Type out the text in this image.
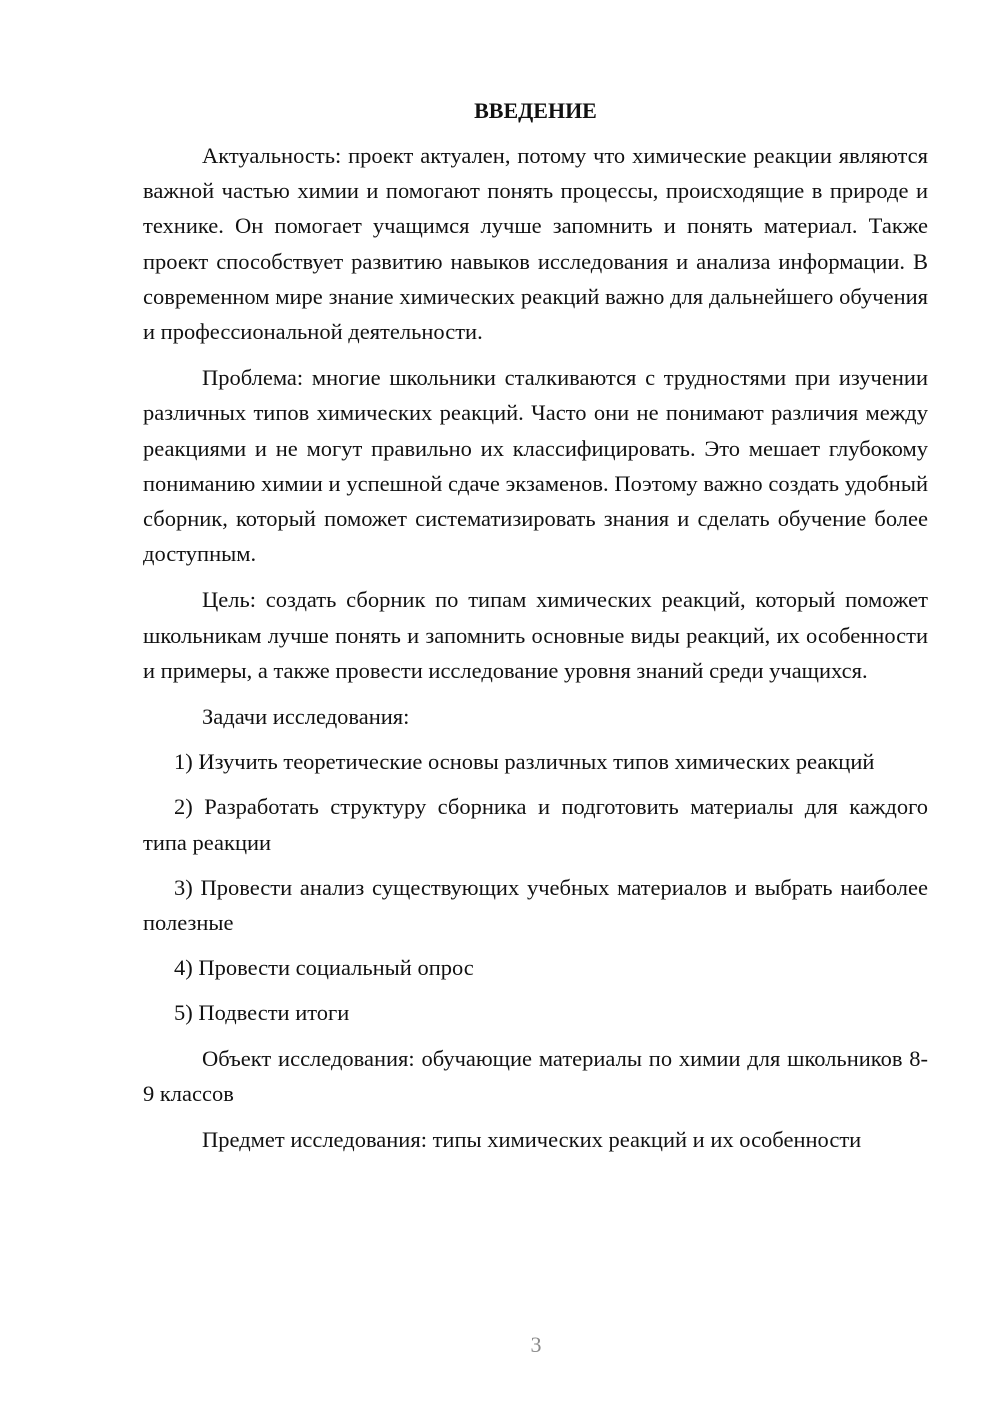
ВВЕДЕНИЕ

Актуальность: проект актуален, потому что химические реакции являются важной частью химии и помогают понять процессы, происходящие в природе и технике. Он помогает учащимся лучше запомнить и понять материал. Также проект способствует развитию навыков исследования и анализа информации. В современном мире знание химических реакций важно для дальнейшего обучения и профессиональной деятельности.

Проблема: многие школьники сталкиваются с трудностями при изучении различных типов химических реакций. Часто они не понимают различия между реакциями и не могут правильно их классифицировать. Это мешает глубокому пониманию химии и успешной сдаче экзаменов. Поэтому важно создать удобный сборник, который поможет систематизировать знания и сделать обучение более доступным.

Цель: создать сборник по типам химических реакций, который поможет школьникам лучше понять и запомнить основные виды реакций, их особенности и примеры, а также провести исследование уровня знаний среди учащихся.

Задачи исследования:

1) Изучить теоретические основы различных типов химических реакций

2) Разработать структуру сборника и подготовить материалы для каждого типа реакции

3) Провести анализ существующих учебных материалов и выбрать наиболее полезные

4) Провести социальный опрос

5) Подвести итоги

Объект исследования: обучающие материалы по химии для школьников 8-9 классов

Предмет исследования: типы химических реакций и их особенности

3
